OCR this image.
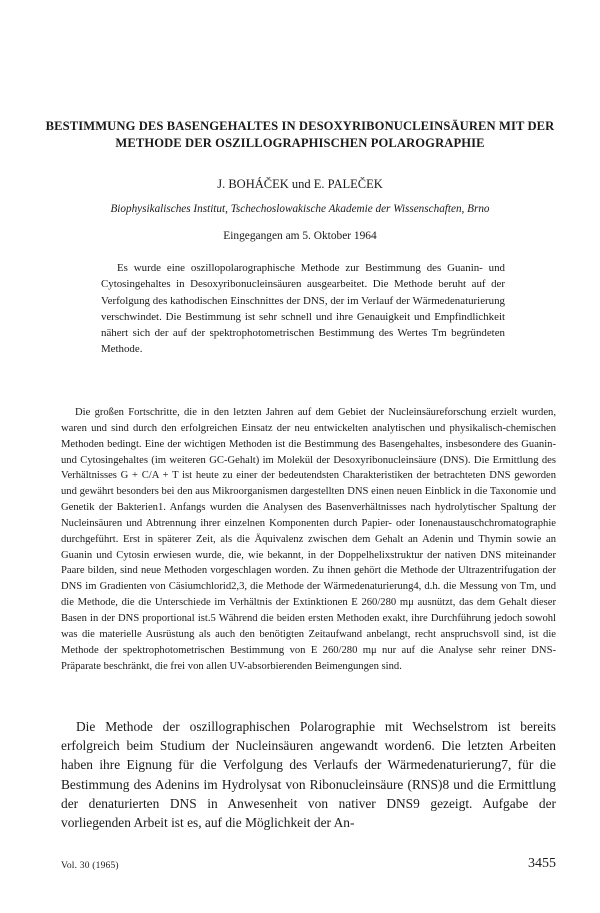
BESTIMMUNG DES BASENGEHALTES IN DESOXYRIBONUCLEINSÄUREN MIT DER METHODE DER OSZILLOGRAPHISCHEN POLAROGRAPHIE
J. BOHÁČEK und E. PALEČEK
Biophysikalisches Institut, Tschechoslowakische Akademie der Wissenschaften, Brno
Eingegangen am 5. Oktober 1964

Es wurde eine oszillopolarographische Methode zur Bestimmung des Guanin- und Cytosingehaltes in Desoxyribonucleinsäuren ausgearbeitet. Die Methode beruht auf der Verfolgung des kathodischen Einschnittes der DNS, der im Verlauf der Wärmedenaturierung verschwindet. Die Bestimmung ist sehr schnell und ihre Genauigkeit und Empfindlichkeit nähert sich der auf der spektrophotometrischen Bestimmung des Wertes Tm begründeten Methode.

Die großen Fortschritte, die in den letzten Jahren auf dem Gebiet der Nucleinsäureforschung erzielt wurden, waren und sind durch den erfolgreichen Einsatz der neu entwickelten analytischen und physikalisch-chemischen Methoden bedingt. Eine der wichtigen Methoden ist die Bestimmung des Basengehaltes, insbesondere des Guanin- und Cytosingehaltes (im weiteren GC-Gehalt) im Molekül der Desoxyribonucleinsäure (DNS). Die Ermittlung des Verhältnisses G + C/A + T ist heute zu einer der bedeutendsten Charakteristiken der betrachteten DNS geworden und gewährt besonders bei den aus Mikroorganismen dargestellten DNS einen neuen Einblick in die Taxonomie und Genetik der Bakterien1. Anfangs wurden die Analysen des Basenverhältnisses nach hydrolytischer Spaltung der Nucleinsäuren und Abtrennung ihrer einzelnen Komponenten durch Papier- oder Ionenaustauschchromatographie durchgeführt. Erst in späterer Zeit, als die Äquivalenz zwischen dem Gehalt an Adenin und Thymin sowie an Guanin und Cytosin erwiesen wurde, die, wie bekannt, in der Doppelhelixstruktur der nativen DNS miteinander Paare bilden, sind neue Methoden vorgeschlagen worden. Zu ihnen gehört die Methode der Ultrazentrifugation der DNS im Gradienten von Cäsiumchlorid2,3, die Methode der Wärmedenaturierung4, d.h. die Messung von Tm, und die Methode, die die Unterschiede im Verhältnis der Extinktionen E 260/280 mμ ausnützt, das dem Gehalt dieser Basen in der DNS proportional ist.5 Während die beiden ersten Methoden exakt, ihre Durchführung jedoch sowohl was die materielle Ausrüstung als auch den benötigten Zeitaufwand anbelangt, recht anspruchsvoll sind, ist die Methode der spektrophotometrischen Bestimmung von E 260/280 mμ nur auf die Analyse sehr reiner DNS-Präparate beschränkt, die frei von allen UV-absorbierenden Beimengungen sind.

Die Methode der oszillographischen Polarographie mit Wechselstrom ist bereits erfolgreich beim Studium der Nucleinsäuren angewandt worden6. Die letzten Arbeiten haben ihre Eignung für die Verfolgung des Verlaufs der Wärmedenaturierung7, für die Bestimmung des Adenins im Hydrolysat von Ribonucleinsäure (RNS)8 und die Ermittlung der denaturierten DNS in Anwesenheit von nativer DNS9 gezeigt. Aufgabe der vorliegenden Arbeit ist es, auf die Möglichkeit der An-

Vol. 30 (1965)	3455
